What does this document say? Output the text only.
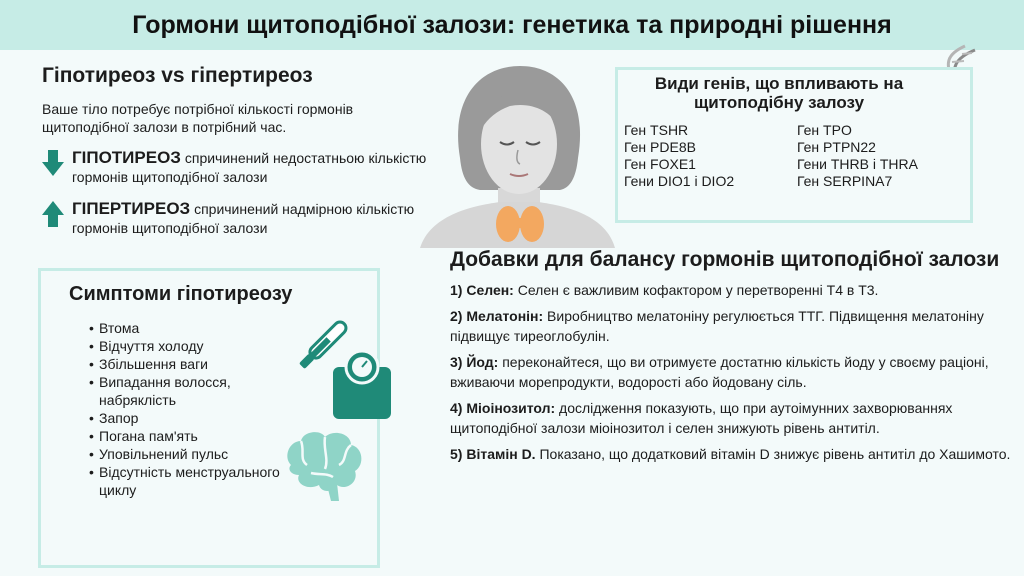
Гормони щитоподібної залози: генетика та природні рішення
Гіпотиреоз vs гіпертиреоз

Ваше тіло потребує потрібної кількості гормонів щитоподібної залози в потрібний час.

ГІПОТИРЕОЗ спричинений недостатньою кількістю гормонів щитоподібної залози
ГІПЕРТИРЕОЗ спричинений надмірною кількістю гормонів щитоподібної залози
Види генів, що впливають на щитоподібну залозу
Ген TSHR
Ген PDE8B
Ген FOXE1
Гени DIO1 і DIO2
Ген TPO
Ген PTPN22
Гени THRB і THRA
Ген SERPINA7
Симптоми гіпотиреозу
• Втома
• Відчуття холоду
• Збільшення ваги
• Випадання волосся, набряклість
• Запор
• Погана пам'ять
• Уповільнений пульс
• Відсутність менструального циклу
Добавки для балансу гормонів щитоподібної залози

1) Селен: Селен є важливим кофактором у перетворенні Т4 в Т3.

2) Мелатонін: Виробництво мелатоніну регулюється ТТГ. Підвищення мелатоніну підвищує тиреоглобулін.

3) Йод: переконайтеся, що ви отримуєте достатню кількість йоду у своєму раціоні, вживаючи морепродукти, водорості або йодовану сіль.

4) Міоінозитол: дослідження показують, що при аутоімунних захворюваннях щитоподібної залози міоінозитол і селен знижують рівень антитіл.

5) Вітамін D. Показано, що додатковий вітамін D знижує рівень антитіл до Хашимото.
